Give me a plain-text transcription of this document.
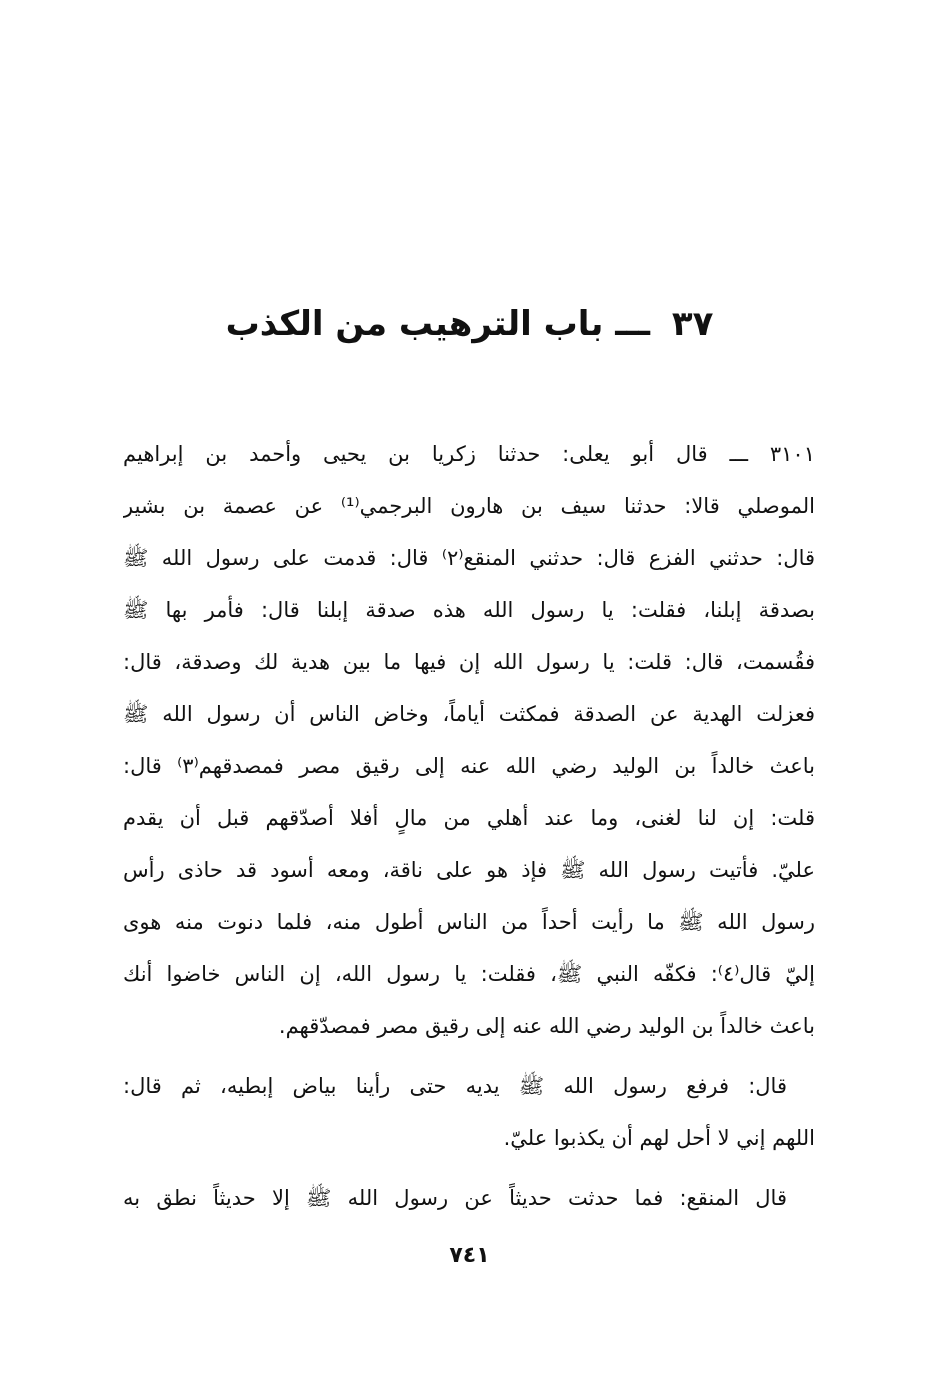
٣٧ ـــ باب الترهيب من الكذب
٣١٠١ ـــ قال أبو يعلى: حدثنا زكريا بن يحيى وأحمد بن إبراهيم
الموصلي قالا: حدثنا سيف بن هارون البرجمي⁽¹⁾ عن عصمة بن بشير
قال: حدثني الفزع قال: حدثني المنقع⁽٢⁾ قال: قدمت على رسول الله ﷺ
بصدقة إبلنا، فقلت: يا رسول الله هذه صدقة إبلنا قال: فأمر بها ﷺ
فقُسمت، قال: قلت: يا رسول الله إن فيها ما بين هدية لك وصدقة، قال:
فعزلت الهدية عن الصدقة فمكثت أياماً، وخاض الناس أن رسول الله ﷺ
باعث خالداً بن الوليد رضي الله عنه إلى رقيق مصر فمصدقهم⁽٣⁾ قال:
قلت: إن لنا لغنى، وما عند أهلي من مالٍ أفلا أصدّقهم قبل أن يقدم
عليّ. فأتيت رسول الله ﷺ فإذ هو على ناقة، ومعه أسود قد حاذى رأس
رسول الله ﷺ ما رأيت أحداً من الناس أطول منه، فلما دنوت منه هوى
إليّ قال⁽٤⁾: فكفّه النبي ﷺ، فقلت: يا رسول الله، إن الناس خاضوا أنك
باعث خالداً بن الوليد رضي الله عنه إلى رقيق مصر فمصدّقهم.
قال: فرفع رسول الله ﷺ يديه حتى رأينا بياض إبطيه، ثم قال:
اللهم إني لا أحل لهم أن يكذبوا عليّ.
قال المنقع: فما حدثت حديثاً عن رسول الله ﷺ إلا حديثاً نطق به
٧٤١
